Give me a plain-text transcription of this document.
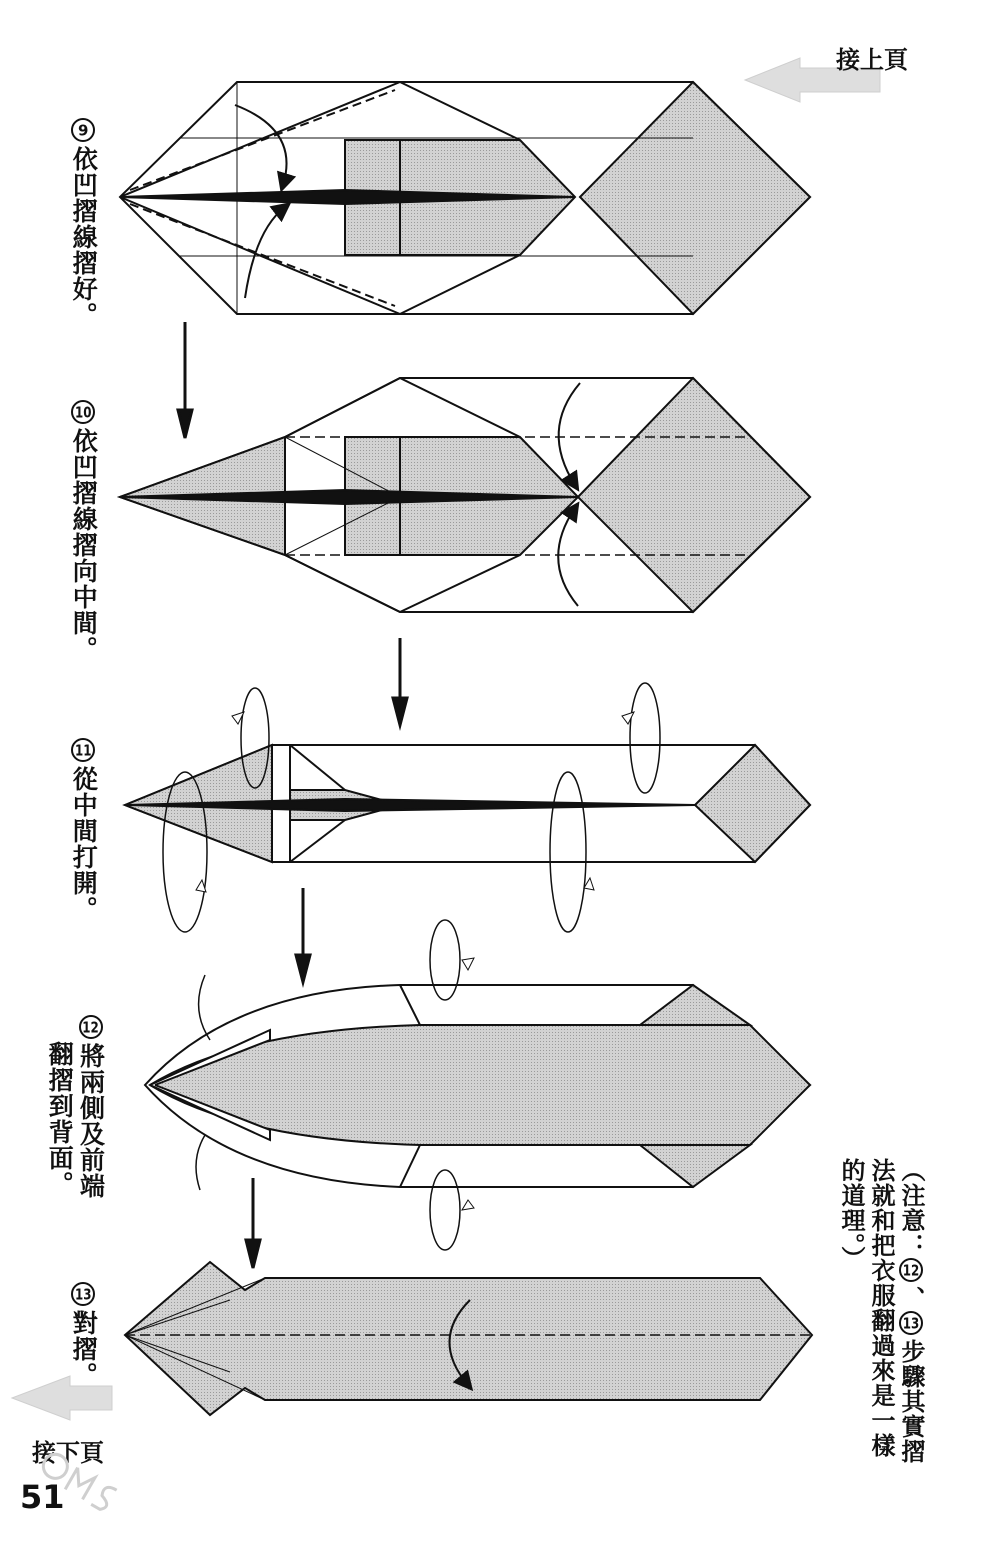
接上頁
接下頁
9依凹摺線摺好。
10依凹摺線摺向中間。
11從中間打開。
12將兩側及前端
翻摺到背面。
13對摺。
（注意：12、13步驟其實摺
法就和把衣服翻過來是一樣
的道理。）
51
